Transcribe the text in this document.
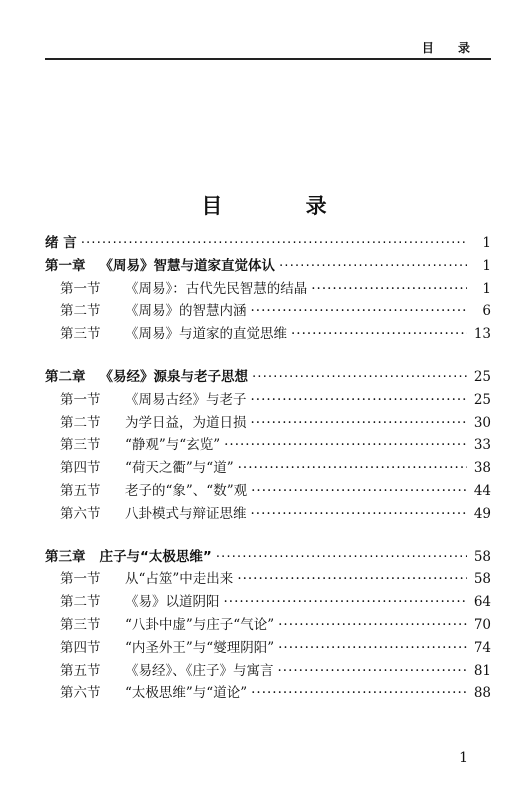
目 录
目 录
绪 言 ·····	1
第一章 《周易》智慧与道家直觉体认 ·····	1
第一节	《周易》：古代先民智慧的结晶 ·····	1
第二节	《周易》的智慧内涵 ·····	6
第三节	《周易》与道家的直觉思维 ·····	13
第二章 《易经》源泉与老子思想 ·····	25
第一节	《周易古经》与老子 ·····	25
第二节	为学日益，为道日损 ·····	30
第三节	“静观”与“玄览” ·····	33
第四节	“荷天之衢”与“道” ·····	38
第五节	老子的“象”、“数”观 ·····	44
第六节	八卦模式与辩证思维 ·····	49
第三章 庄子与“太极思维” ·····	58
第一节	从“占筮”中走出来 ·····	58
第二节	《易》以道阴阳 ·····	64
第三节	“八卦中虚”与庄子“气论” ·····	70
第四节	“内圣外王”与“燮理阴阳” ·····	74
第五节	《易经》、《庄子》与寓言 ·····	81
第六节	“太极思维”与“道论” ·····	88
1
